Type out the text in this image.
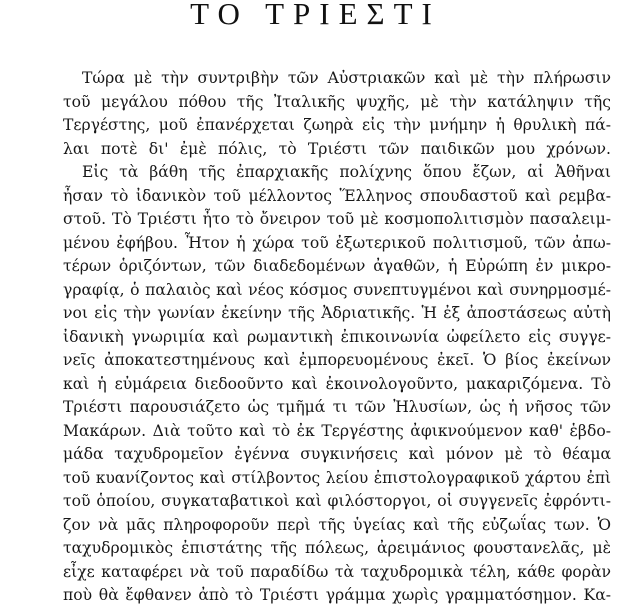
ΤΟ ΤΡΙΕΣΤΙ
Τώρα μὲ τὴν συντριβὴν τῶν Αὐστριακῶν καὶ μὲ τὴν πλήρωσιν
τοῦ μεγάλου πόθου τῆς Ἰταλικῆς ψυχῆς, μὲ τὴν κατάληψιν τῆς
Τεργέστης, μοῦ ἐπανέρχεται ζωηρὰ εἰς τὴν μνήμην ἡ θρυλικὴ πά-
λαι ποτὲ δι' ἐμὲ πόλις, τὸ Τριέστι τῶν παιδικῶν μου χρόνων.
Εἰς τὰ βάθη τῆς ἐπαρχιακῆς πολίχνης ὅπου ἔζων, αἱ Ἀθῆναι
ἦσαν τὸ ἰδανικὸν τοῦ μέλλοντος Ἕλληνος σπουδαστοῦ καὶ ρεμβα-
στοῦ. Τὸ Τριέστι ἦτο τὸ ὄνειρον τοῦ μὲ κοσμοπολιτισμὸν πασαλειμ-
μένου ἐφήβου. Ἦτον ἡ χώρα τοῦ ἐξωτερικοῦ πολιτισμοῦ, τῶν ἀπω-
τέρων ὁριζόντων, τῶν διαδεδομένων ἀγαθῶν, ἡ Εὐρώπη ἐν μικρο-
γραφίᾳ, ὁ παλαιὸς καὶ νέος κόσμος συνεπτυγμένοι καὶ συνηρμοσμέ-
νοι εἰς τὴν γωνίαν ἐκείνην τῆς Ἀδριατικῆς. Ἡ ἐξ ἀποστάσεως αὐτὴ
ἰδανικὴ γνωριμία καὶ ρωμαντικὴ ἐπικοινωνία ὠφείλετο εἰς συγγε-
νεῖς ἀποκατεστημένους καὶ ἐμπορευομένους ἐκεῖ. Ὁ βίος ἐκείνων
καὶ ἡ εὐμάρεια διεδοοῦντο καὶ ἐκοινολογοῦντο, μακαριζόμενα. Τὸ
Τριέστι παρουσιάζετο ὡς τμῆμά τι τῶν Ἠλυσίων, ὡς ἡ νῆσος τῶν
Μακάρων. Διὰ τοῦτο καὶ τὸ ἐκ Τεργέστης ἀφικνούμενον καθ' ἑβδο-
μάδα ταχυδρομεῖον ἐγέννα συγκινήσεις καὶ μόνον μὲ τὸ θέαμα
τοῦ κυανίζοντος καὶ στίλβοντος λείου ἐπιστολογραφικοῦ χάρτου ἐπὶ
τοῦ ὁποίου, συγκαταβατικοὶ καὶ φιλόστοργοι, οἱ συγγενεῖς ἐφρόντι-
ζον νὰ μᾶς πληροφοροῦν περὶ τῆς ὑγείας καὶ τῆς εὐζωΐας των. Ὁ
ταχυδρομικὸς ἐπιστάτης τῆς πόλεως, ἀρειμάνιος φουστανελᾶς, μὲ
εἶχε καταφέρει νὰ τοῦ παραδίδω τὰ ταχυδρομικὰ τέλη, κάθε φορὰν
ποὺ θὰ ἔφθανεν ἀπὸ τὸ Τριέστι γράμμα χωρὶς γραμματόσημον. Κα-
